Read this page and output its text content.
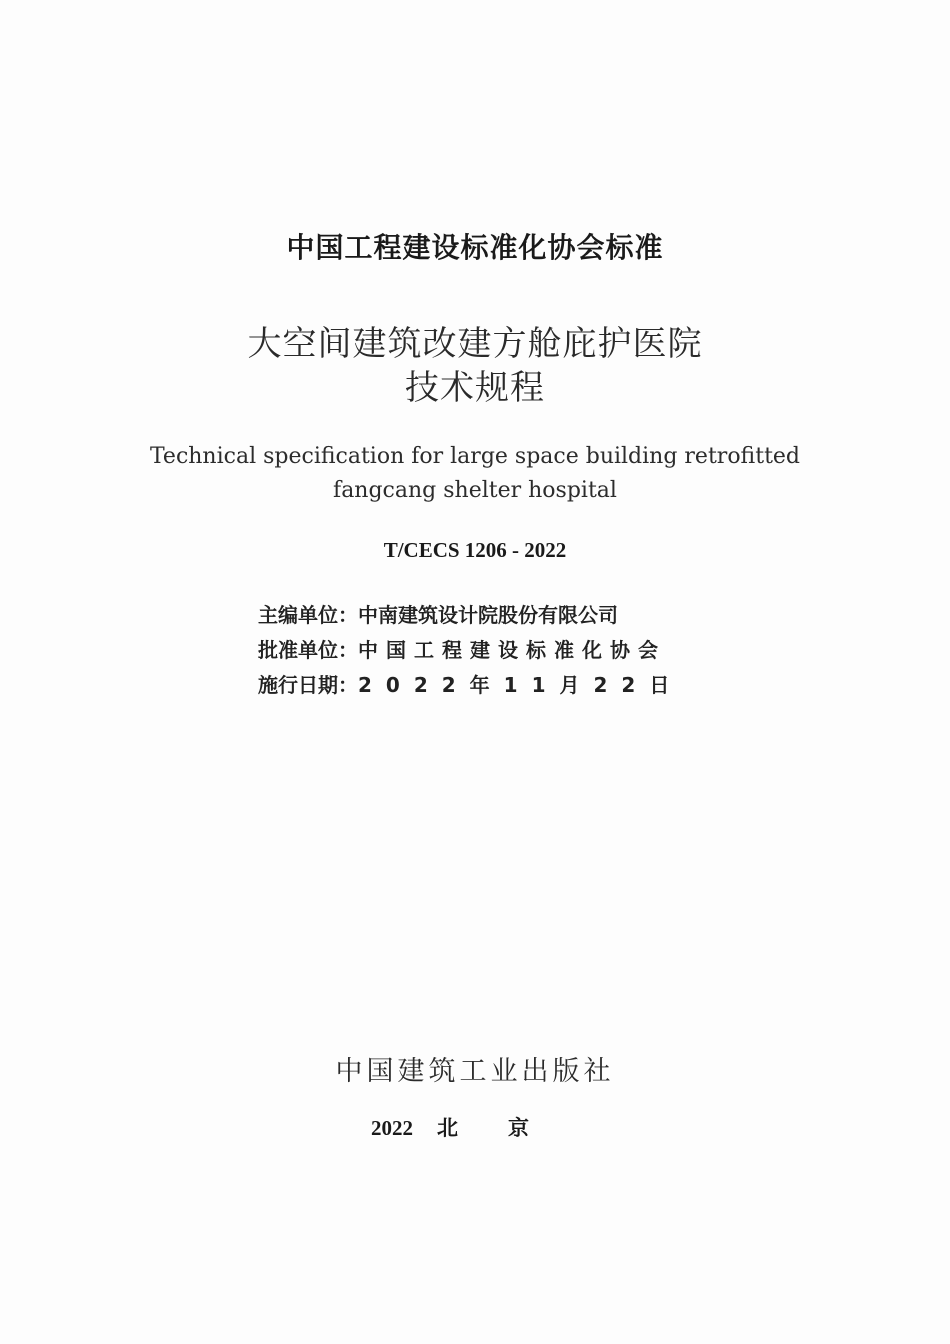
中国工程建设标准化协会标准
大空间建筑改建方舱庇护医院
技术规程
Technical specification for large space building retrofitted
fangcang shelter hospital
T/CECS 1206 - 2022
主编单位：中南建筑设计院股份有限公司
批准单位：中国工程建设标准化协会
施行日期：2022年11月22日
中国建筑工业出版社
2022 北京
